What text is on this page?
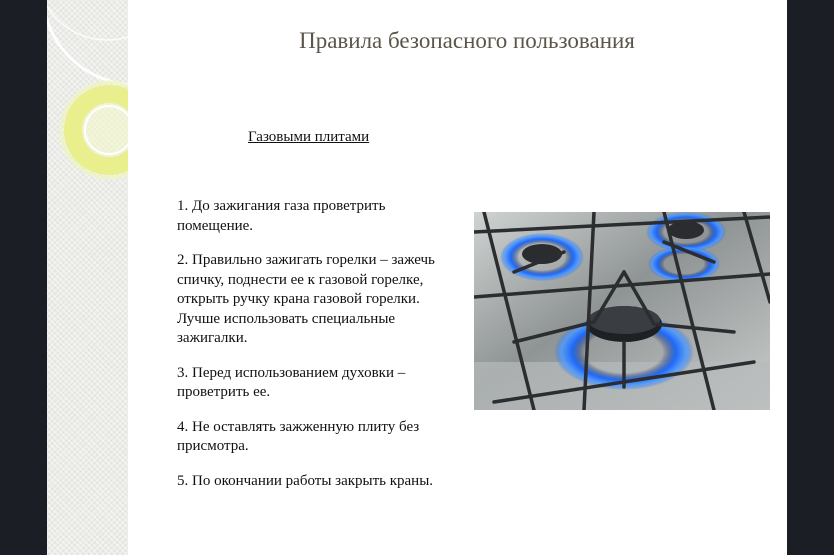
Правила безопасного пользования

Газовыми плитами

1. До зажигания газа проветрить помещение.
2. Правильно зажигать горелки – зажечь спичку, поднести ее к газовой горелке, открыть ручку крана газовой горелки. Лучше использовать специальные зажигалки.
3. Перед использованием духовки – проветрить ее.
4. Не оставлять зажженную плиту без присмотра.
5. По окончании работы закрыть краны.
